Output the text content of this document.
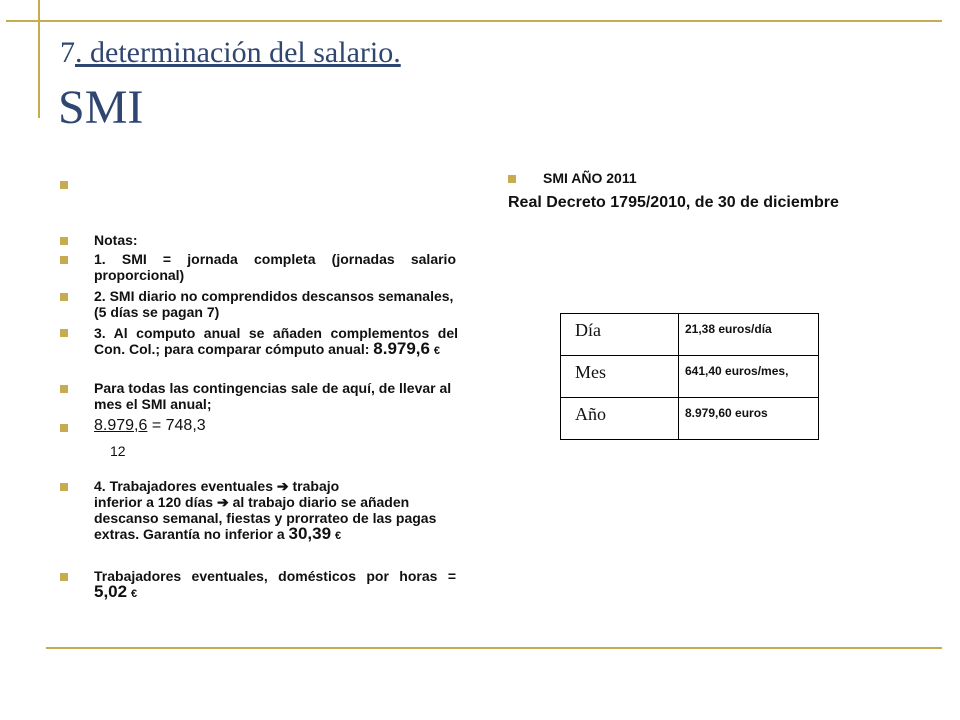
7. determinación del salario.
SMI
Notas:
1. SMI = jornada completa (jornadas salario proporcional)
2. SMI diario no comprendidos descansos semanales, (5 días se pagan 7)
3. Al computo anual se añaden complementos del Con. Col.; para comparar cómputo anual: 8.979,6 €
Para todas las contingencias sale de aquí, de llevar al mes el SMI anual;
8.979,6 = 748,3
12
4. Trabajadores eventuales ➔ trabajo
inferior a 120 días ➔ al trabajo diario se añaden descanso semanal, fiestas y prorrateo de las pagas extras. Garantía no inferior a 30,39 €
Trabajadores eventuales, domésticos por horas = 5,02 €
SMI AÑO 2011
Real Decreto 1795/2010, de 30 de diciembre
Día	21,38 euros/día
Mes	641,40 euros/mes,
Año	8.979,60 euros
